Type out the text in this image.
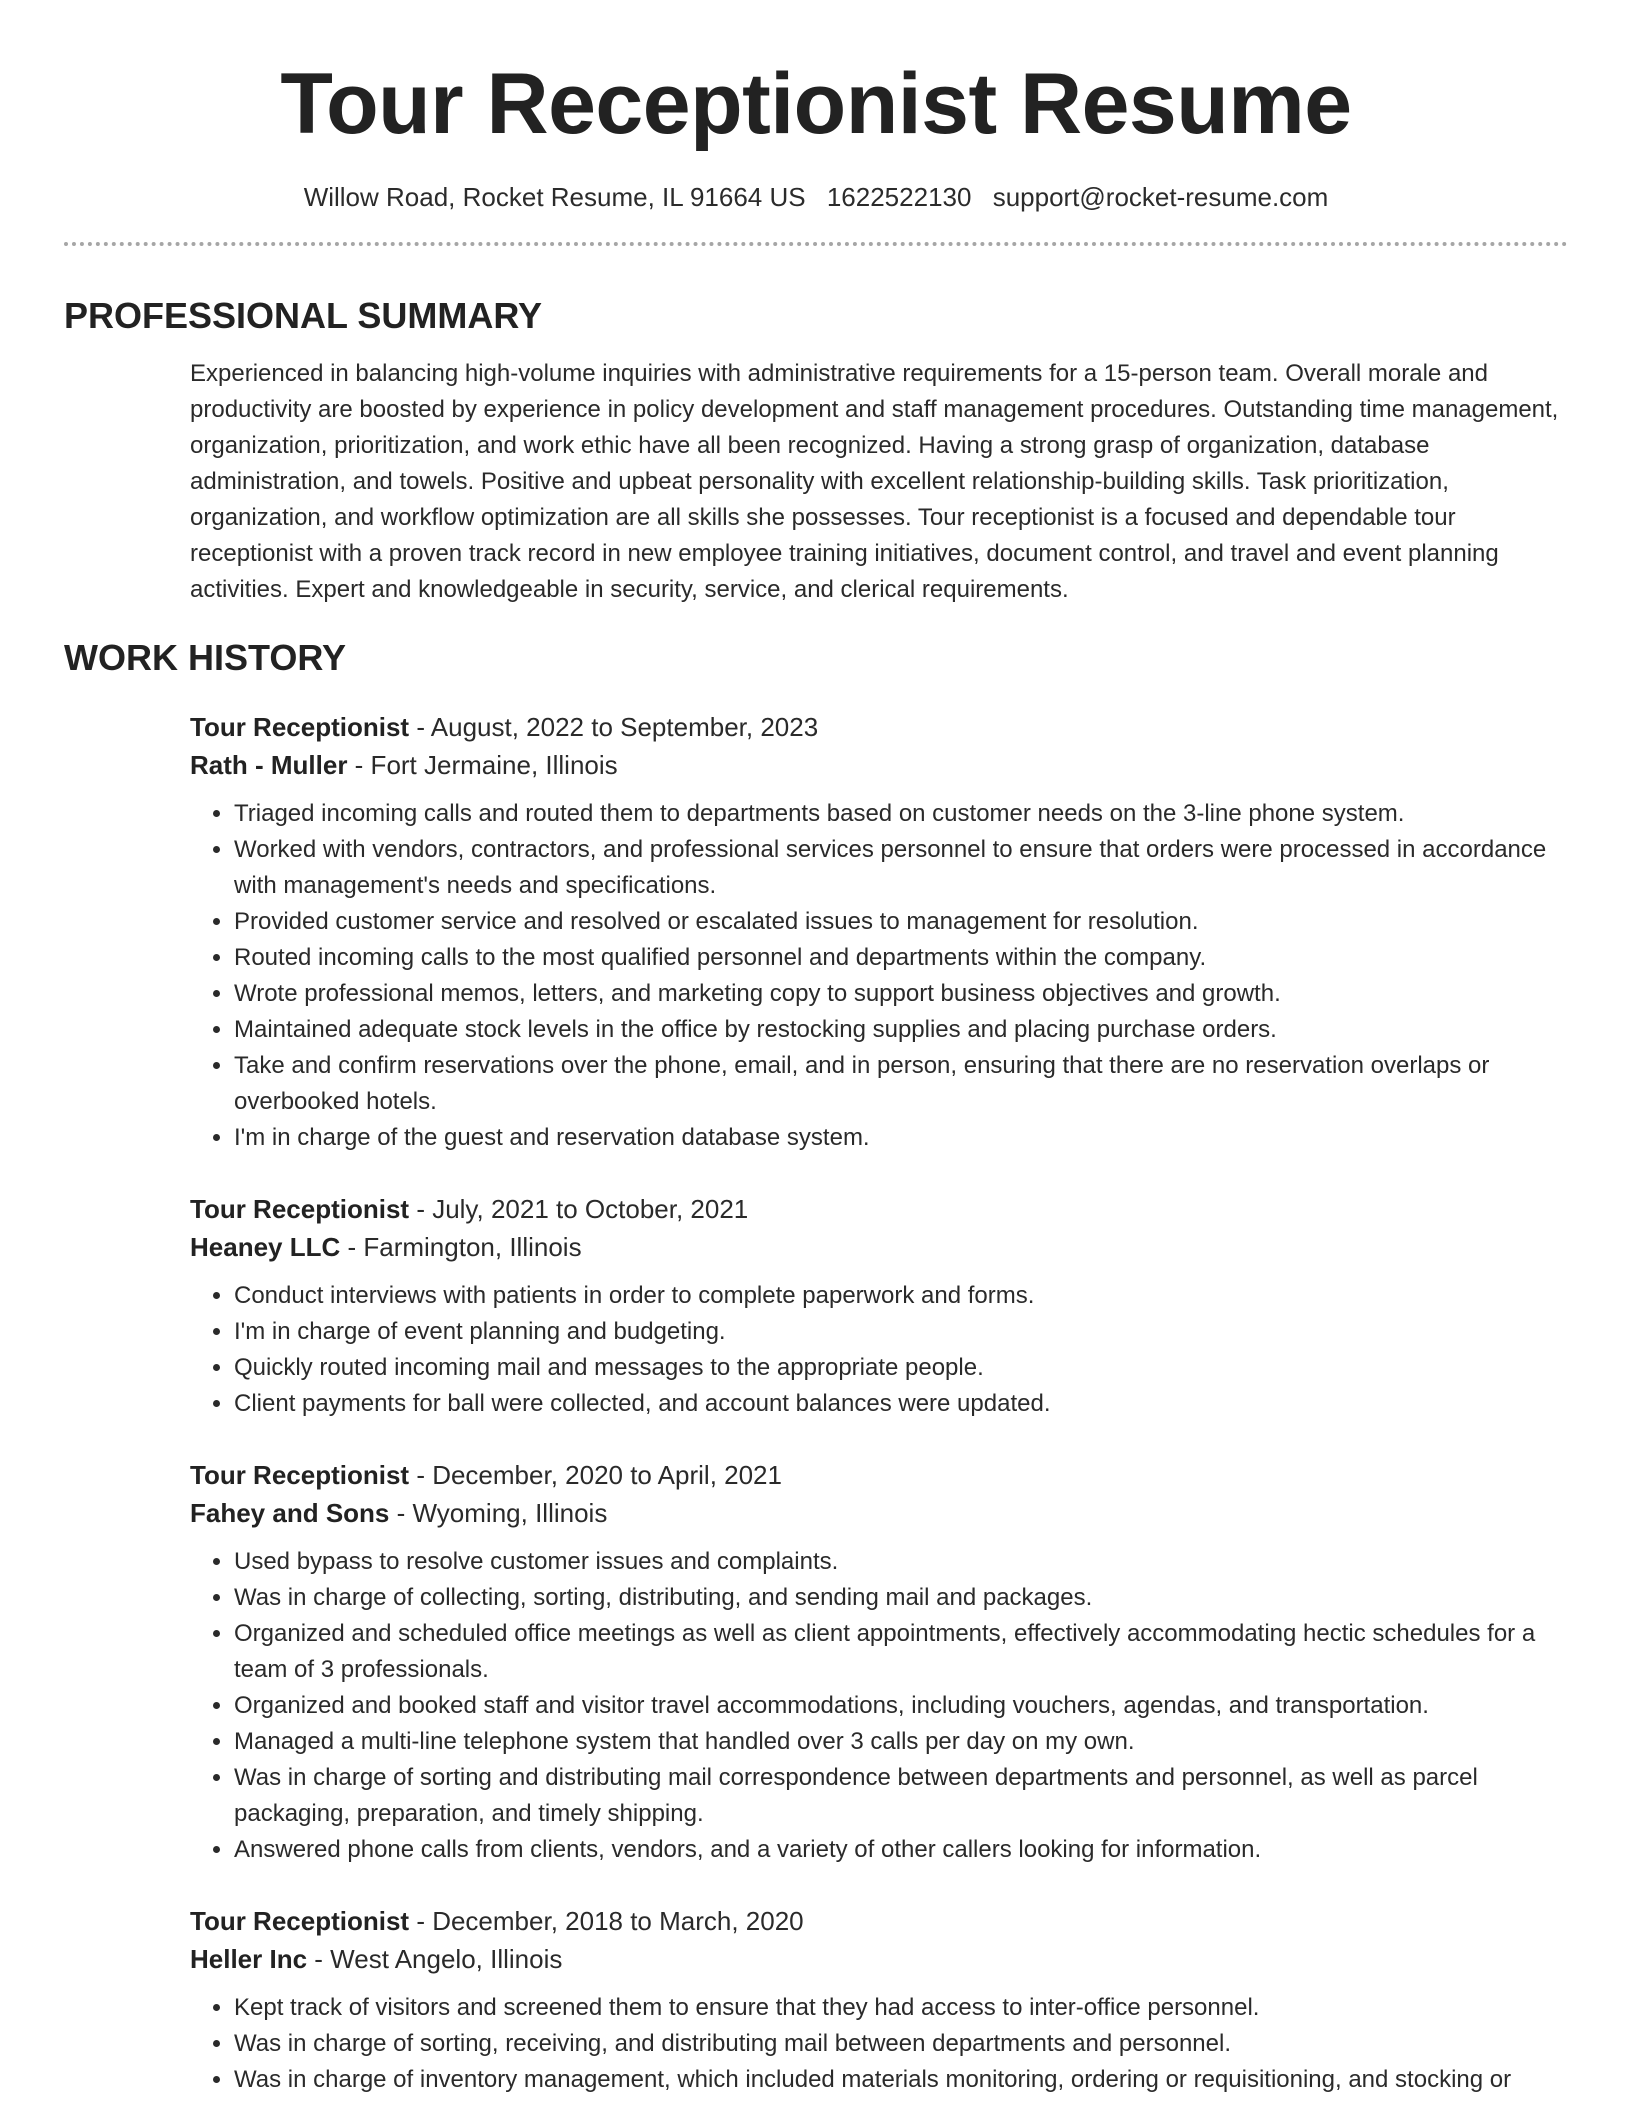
Tour Receptionist Resume
Willow Road, Rocket Resume, IL 91664 US 1622522130 support@rocket-resume.com
PROFESSIONAL SUMMARY

Experienced in balancing high-volume inquiries with administrative requirements for a 15-person team. Overall morale and productivity are boosted by experience in policy development and staff management procedures. Outstanding time management, organization, prioritization, and work ethic have all been recognized. Having a strong grasp of organization, database administration, and towels. Positive and upbeat personality with excellent relationship-building skills. Task prioritization, organization, and workflow optimization are all skills she possesses. Tour receptionist is a focused and dependable tour receptionist with a proven track record in new employee training initiatives, document control, and travel and event planning activities. Expert and knowledgeable in security, service, and clerical requirements.

WORK HISTORY
Tour Receptionist - August, 2022 to September, 2023
Rath - Muller - Fort Jermaine, Illinois
• Triaged incoming calls and routed them to departments based on customer needs on the 3-line phone system.
• Worked with vendors, contractors, and professional services personnel to ensure that orders were processed in accordance with management's needs and specifications.
• Provided customer service and resolved or escalated issues to management for resolution.
• Routed incoming calls to the most qualified personnel and departments within the company.
• Wrote professional memos, letters, and marketing copy to support business objectives and growth.
• Maintained adequate stock levels in the office by restocking supplies and placing purchase orders.
• Take and confirm reservations over the phone, email, and in person, ensuring that there are no reservation overlaps or overbooked hotels.
• I'm in charge of the guest and reservation database system.
Tour Receptionist - July, 2021 to October, 2021
Heaney LLC - Farmington, Illinois
• Conduct interviews with patients in order to complete paperwork and forms.
• I'm in charge of event planning and budgeting.
• Quickly routed incoming mail and messages to the appropriate people.
• Client payments for ball were collected, and account balances were updated.
Tour Receptionist - December, 2020 to April, 2021
Fahey and Sons - Wyoming, Illinois
• Used bypass to resolve customer issues and complaints.
• Was in charge of collecting, sorting, distributing, and sending mail and packages.
• Organized and scheduled office meetings as well as client appointments, effectively accommodating hectic schedules for a team of 3 professionals.
• Organized and booked staff and visitor travel accommodations, including vouchers, agendas, and transportation.
• Managed a multi-line telephone system that handled over 3 calls per day on my own.
• Was in charge of sorting and distributing mail correspondence between departments and personnel, as well as parcel packaging, preparation, and timely shipping.
• Answered phone calls from clients, vendors, and a variety of other callers looking for information.
Tour Receptionist - December, 2018 to March, 2020
Heller Inc - West Angelo, Illinois
• Kept track of visitors and screened them to ensure that they had access to inter-office personnel.
• Was in charge of sorting, receiving, and distributing mail between departments and personnel.
• Was in charge of inventory management, which included materials monitoring, ordering or requisitioning, and stocking or
